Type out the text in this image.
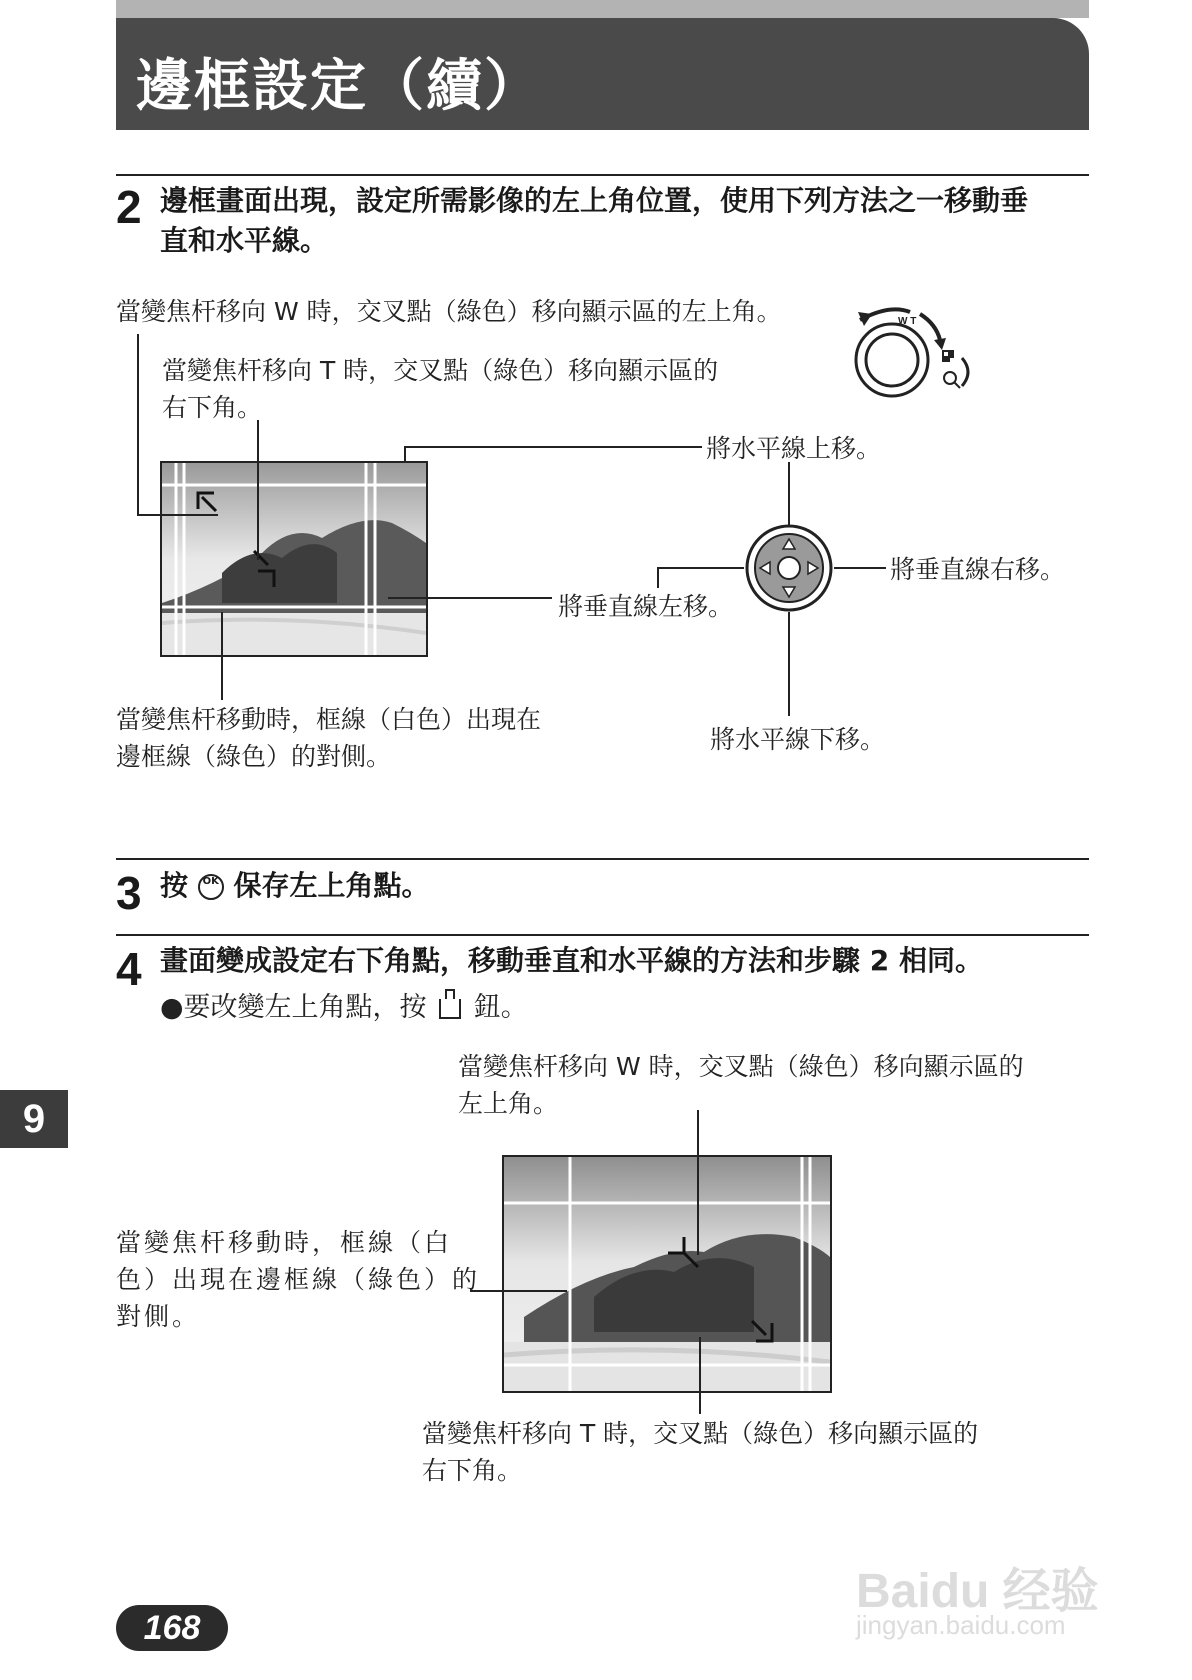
邊框設定（續）
2 邊框畫面出現，設定所需影像的左上角位置，使用下列方法之一移動垂
直和水平線。
當變焦杆移向 W 時，交叉點（綠色）移向顯示區的左上角。
當變焦杆移向 T 時，交叉點（綠色）移向顯示區的
右下角。
將水平線上移。
將垂直線右移。
將垂直線左移。
將水平線下移。
當變焦杆移動時，框線（白色）出現在
邊框線（綠色）的對側。
W T
3 按 OK 保存左上角點。
4 畫面變成設定右下角點，移動垂直和水平線的方法和步驟 2 相同。
●要改變左上角點，按 鈕。
當變焦杆移向 W 時，交叉點（綠色）移向顯示區的
左上角。
當變焦杆移動時，框線（白
色）出現在邊框線（綠色）的
對側。
當變焦杆移向 T 時，交叉點（綠色）移向顯示區的
右下角。
9
168
Baidu 经验
jingyan.baidu.com
